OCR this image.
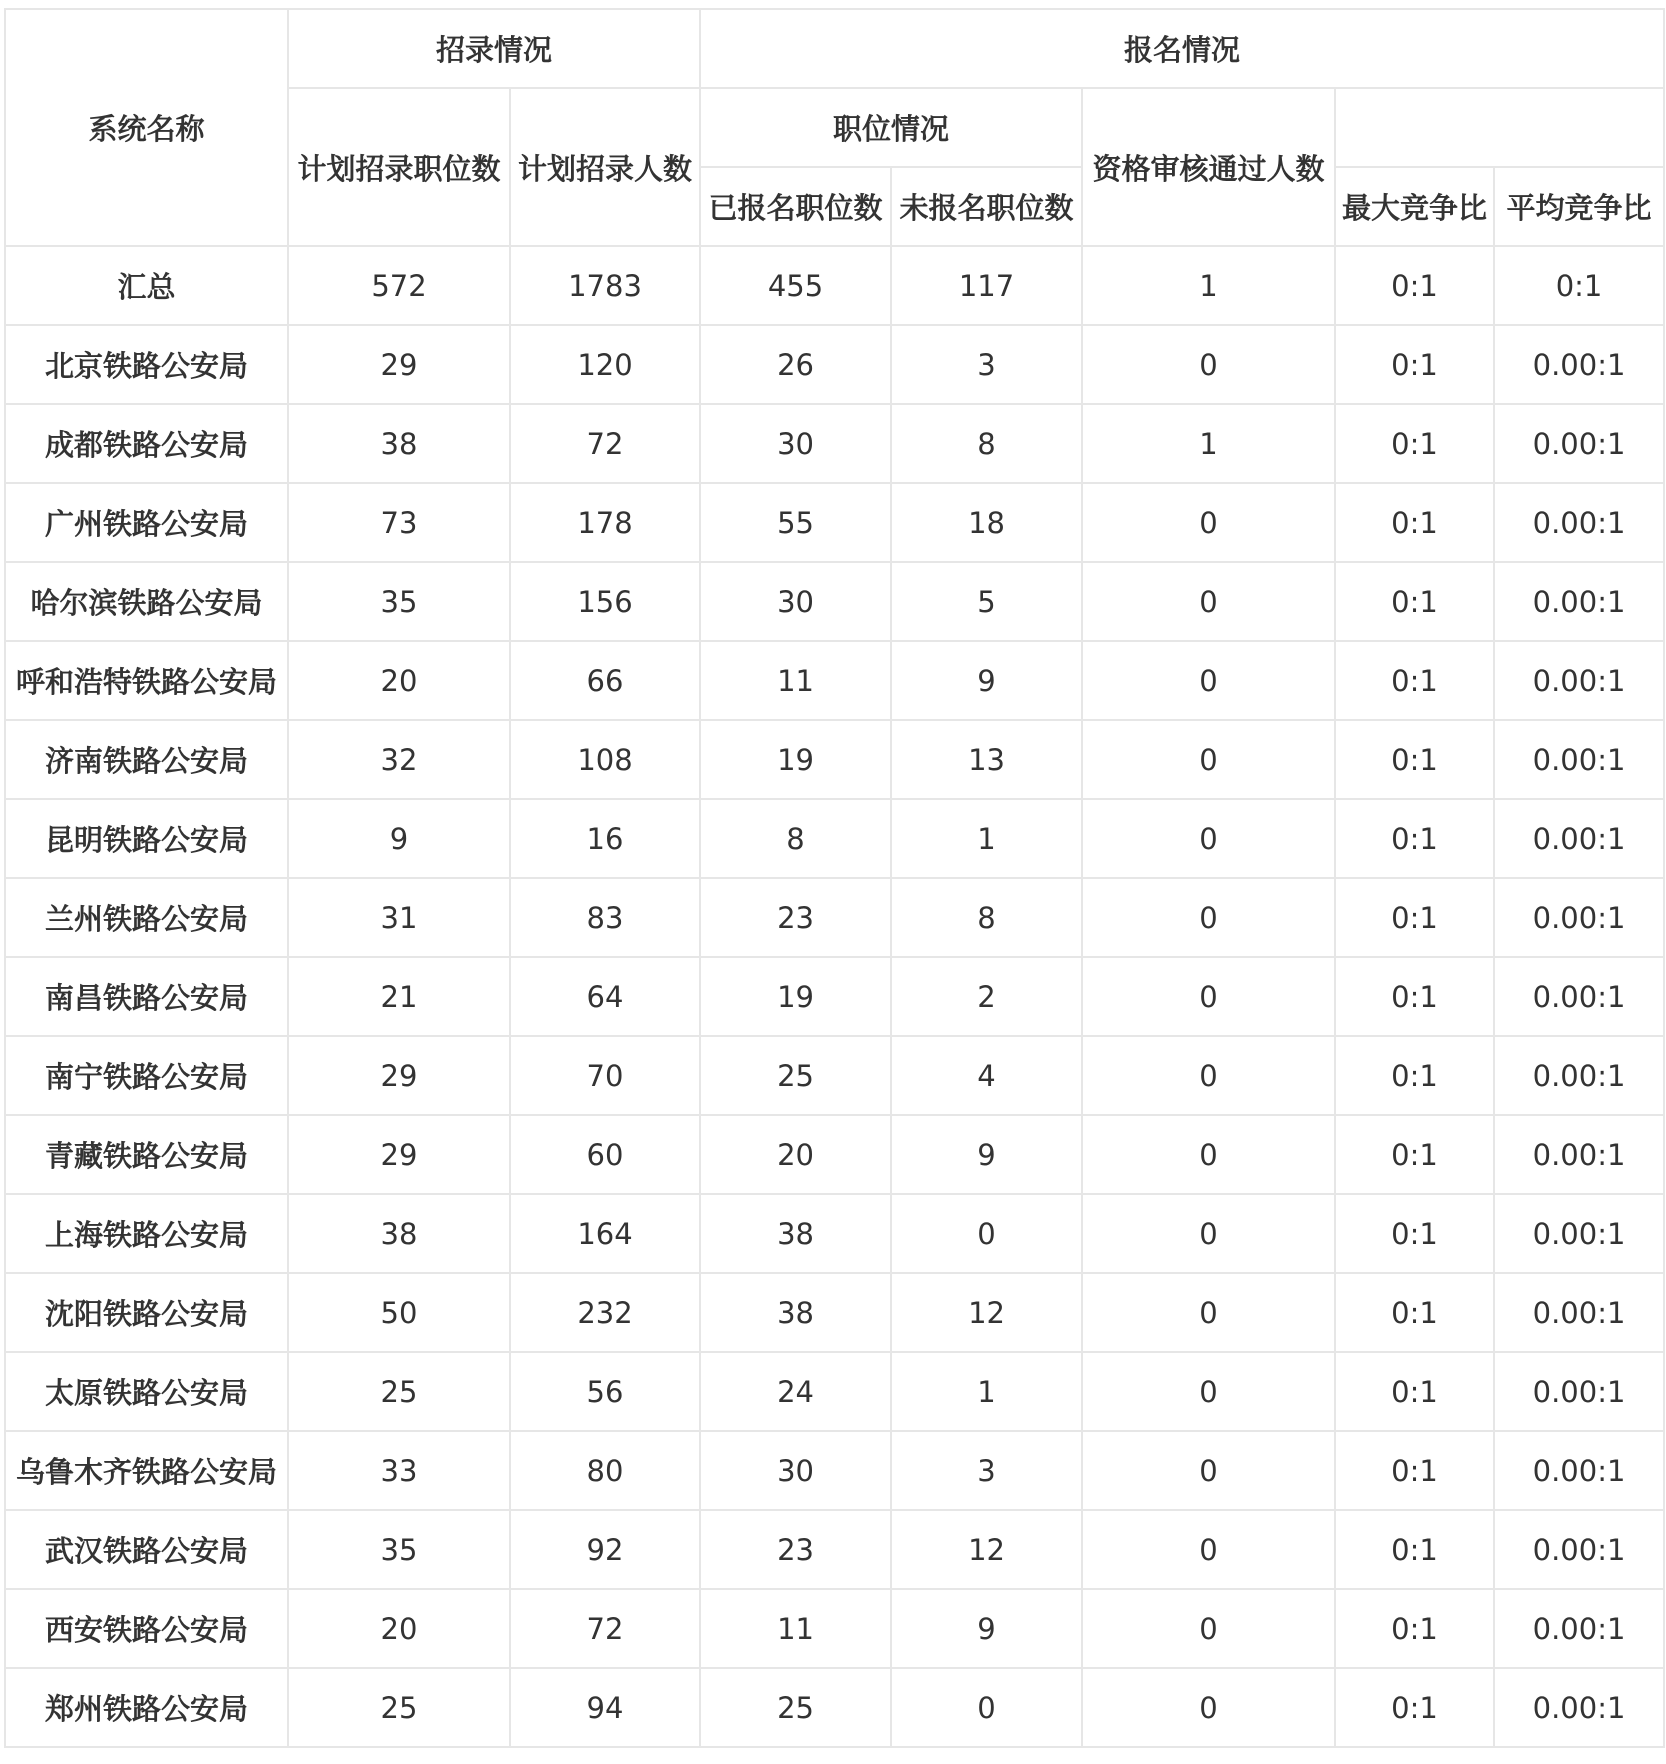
系统名称	招录情况		报名情况				
	计划招录职位数	计划招录人数	职位情况		资格审核通过人数		
			已报名职位数	未报名职位数		最大竞争比	平均竞争比
汇总	572	1783	455	117	1	0:1	0:1
北京铁路公安局	29	120	26	3	0	0:1	0.00:1
成都铁路公安局	38	72	30	8	1	0:1	0.00:1
广州铁路公安局	73	178	55	18	0	0:1	0.00:1
哈尔滨铁路公安局	35	156	30	5	0	0:1	0.00:1
呼和浩特铁路公安局	20	66	11	9	0	0:1	0.00:1
济南铁路公安局	32	108	19	13	0	0:1	0.00:1
昆明铁路公安局	9	16	8	1	0	0:1	0.00:1
兰州铁路公安局	31	83	23	8	0	0:1	0.00:1
南昌铁路公安局	21	64	19	2	0	0:1	0.00:1
南宁铁路公安局	29	70	25	4	0	0:1	0.00:1
青藏铁路公安局	29	60	20	9	0	0:1	0.00:1
上海铁路公安局	38	164	38	0	0	0:1	0.00:1
沈阳铁路公安局	50	232	38	12	0	0:1	0.00:1
太原铁路公安局	25	56	24	1	0	0:1	0.00:1
乌鲁木齐铁路公安局	33	80	30	3	0	0:1	0.00:1
武汉铁路公安局	35	92	23	12	0	0:1	0.00:1
西安铁路公安局	20	72	11	9	0	0:1	0.00:1
郑州铁路公安局	25	94	25	0	0	0:1	0.00:1
